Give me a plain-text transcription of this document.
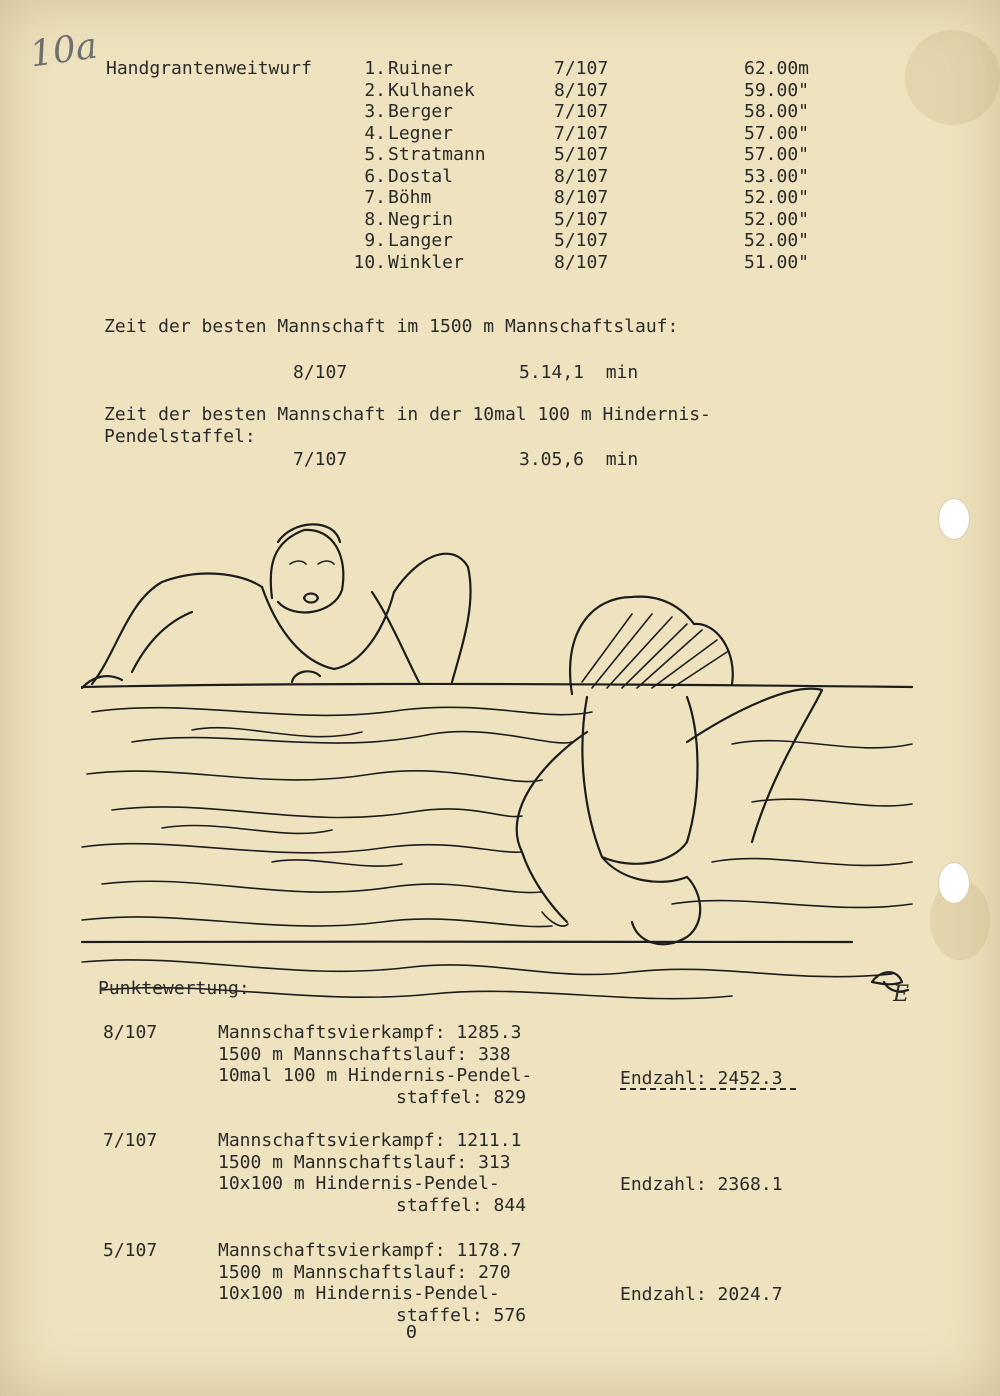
10a Handgrantenweitwurf	1. Ruiner	7/107	62.00m
2. Kulhanek	8/107	59.00"
3. Berger	7/107	58.00"
4. Legner	7/107	57.00"
5. Stratmann	5/107	57.00"
6. Dostal	8/107	53.00"
7. Böhm	8/107	52.00"
8. Negrin	5/107	52.00"
9. Langer	5/107	52.00"
10. Winkler	8/107	51.00"
Zeit der besten Mannschaft im 1500 m Mannschaftslauf:
8/107	5.14,1  min
Zeit der besten Mannschaft in der 10mal 100 m Hindernis-
Pendelstaffel:
7/107	3.05,6  min
Punktewertung:
8/107	Mannschaftsvierkampf: 1285.3
1500 m Mannschaftslauf: 338
10mal 100 m Hindernis-Pendel-
staffel: 829
Endzahl: 2452.3
7/107	Mannschaftsvierkampf: 1211.1
1500 m Mannschaftslauf: 313
10x100 m Hindernis-Pendel-
staffel: 844
Endzahl: 2368.1
5/107	Mannschaftsvierkampf: 1178.7
1500 m Mannschaftslauf: 270
10x100 m Hindernis-Pendel-
staffel: 576
Endzahl: 2024.7
E
Θ
